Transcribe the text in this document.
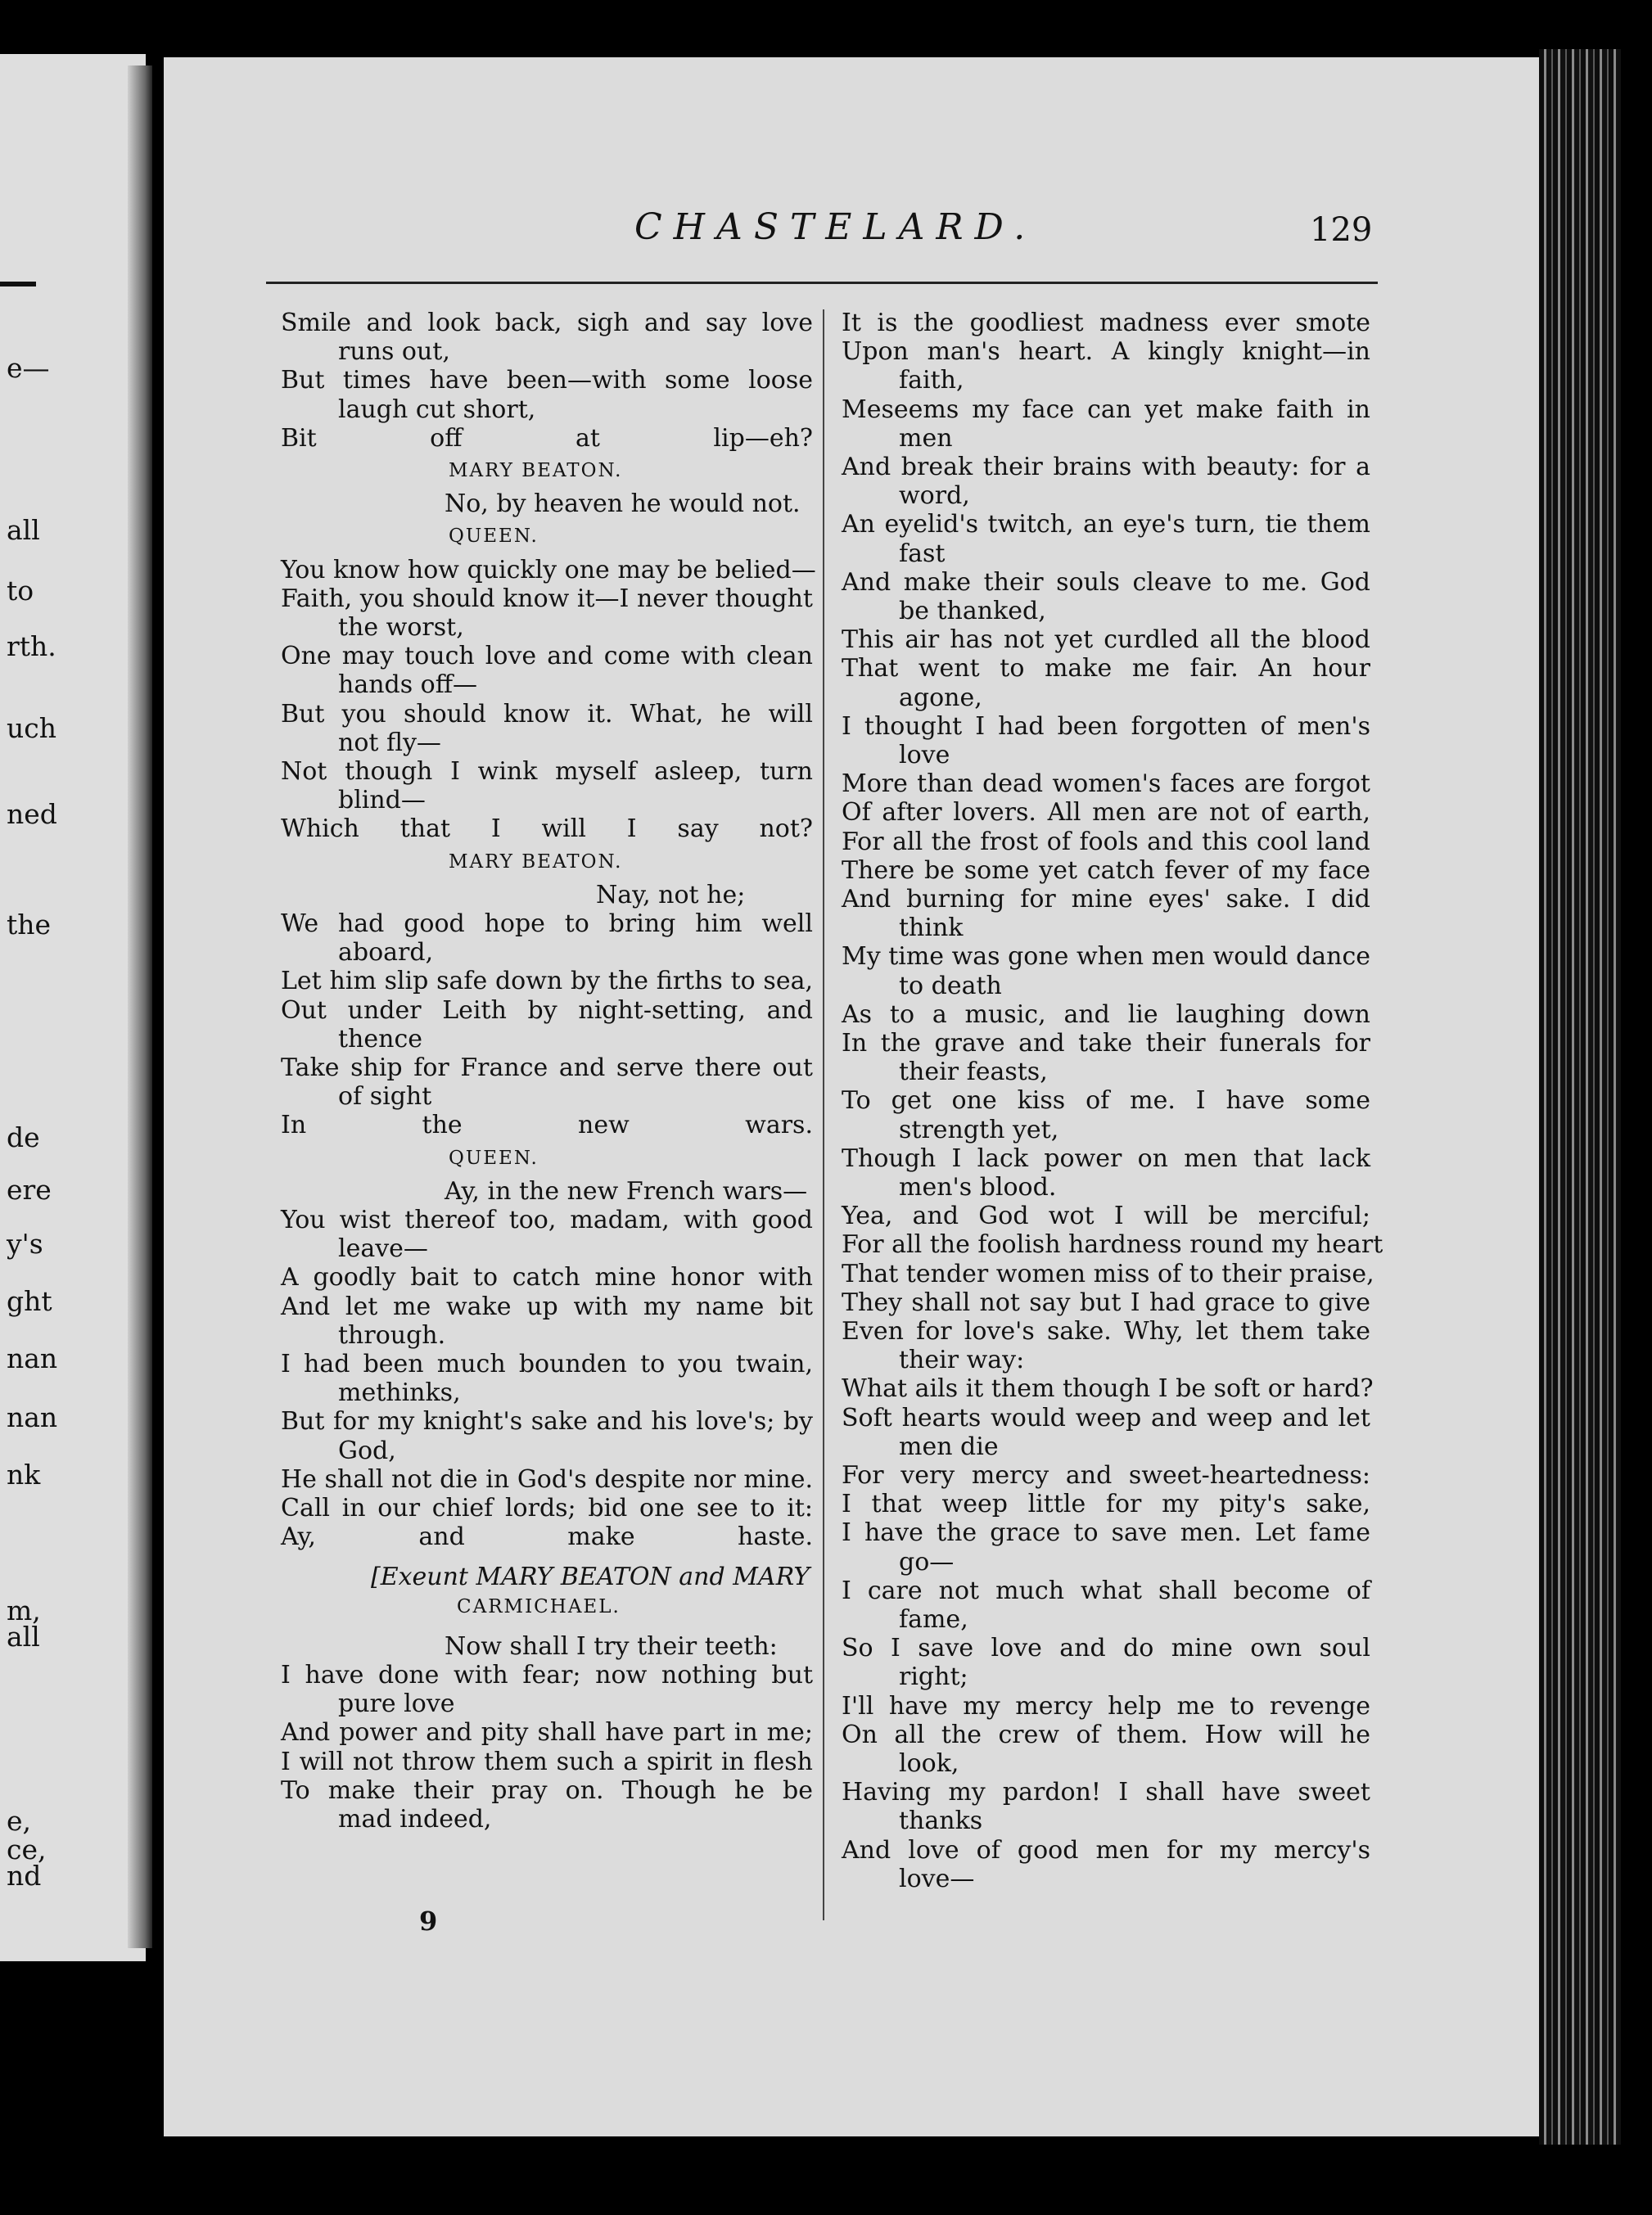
e—
all
to
rth.
uch
ned
the
de
ere
y's
ght
nan
nan
nk
m,
all
e,
ce,
nd
CHASTELARD.	129
Smile and look back, sigh and say love
runs out,
But times have been—with some loose
laugh cut short,
Bit off at lip—eh?
MARY BEATON.
No, by heaven he would not.
QUEEN.
You know how quickly one may be belied—
Faith, you should know it—I never thought
the worst,
One may touch love and come with clean
hands off—
But you should know it. What, he will
not fly—
Not though I wink myself asleep, turn
blind—
Which that I will I say not?
MARY BEATON.
Nay, not he;
We had good hope to bring him well
aboard,
Let him slip safe down by the firths to sea,
Out under Leith by night-setting, and
thence
Take ship for France and serve there out
of sight
In the new wars.
QUEEN.
Ay, in the new French wars—
You wist thereof too, madam, with good
leave—
A goodly bait to catch mine honor with
And let me wake up with my name bit
through.
I had been much bounden to you twain,
methinks,
But for my knight's sake and his love's; by
God,
He shall not die in God's despite nor mine.
Call in our chief lords; bid one see to it:
Ay, and make haste.
[Exeunt MARY BEATON and MARY
CARMICHAEL.
Now shall I try their teeth:
I have done with fear; now nothing but
pure love
And power and pity shall have part in me;
I will not throw them such a spirit in flesh
To make their pray on. Though he be
mad indeed,
It is the goodliest madness ever smote
Upon man's heart. A kingly knight—in
faith,
Meseems my face can yet make faith in
men
And break their brains with beauty: for a
word,
An eyelid's twitch, an eye's turn, tie them
fast
And make their souls cleave to me. God
be thanked,
This air has not yet curdled all the blood
That went to make me fair. An hour
agone,
I thought I had been forgotten of men's
love
More than dead women's faces are forgot
Of after lovers. All men are not of earth,
For all the frost of fools and this cool land
There be some yet catch fever of my face
And burning for mine eyes' sake. I did
think
My time was gone when men would dance
to death
As to a music, and lie laughing down
In the grave and take their funerals for
their feasts,
To get one kiss of me. I have some
strength yet,
Though I lack power on men that lack
men's blood.
Yea, and God wot I will be merciful;
For all the foolish hardness round my heart
That tender women miss of to their praise,
They shall not say but I had grace to give
Even for love's sake. Why, let them take
their way:
What ails it them though I be soft or hard?
Soft hearts would weep and weep and let
men die
For very mercy and sweet-heartedness:
I that weep little for my pity's sake,
I have the grace to save men. Let fame
go—
I care not much what shall become of
fame,
So I save love and do mine own soul
right;
I'll have my mercy help me to revenge
On all the crew of them. How will he
look,
Having my pardon! I shall have sweet
thanks
And love of good men for my mercy's
love—
9
